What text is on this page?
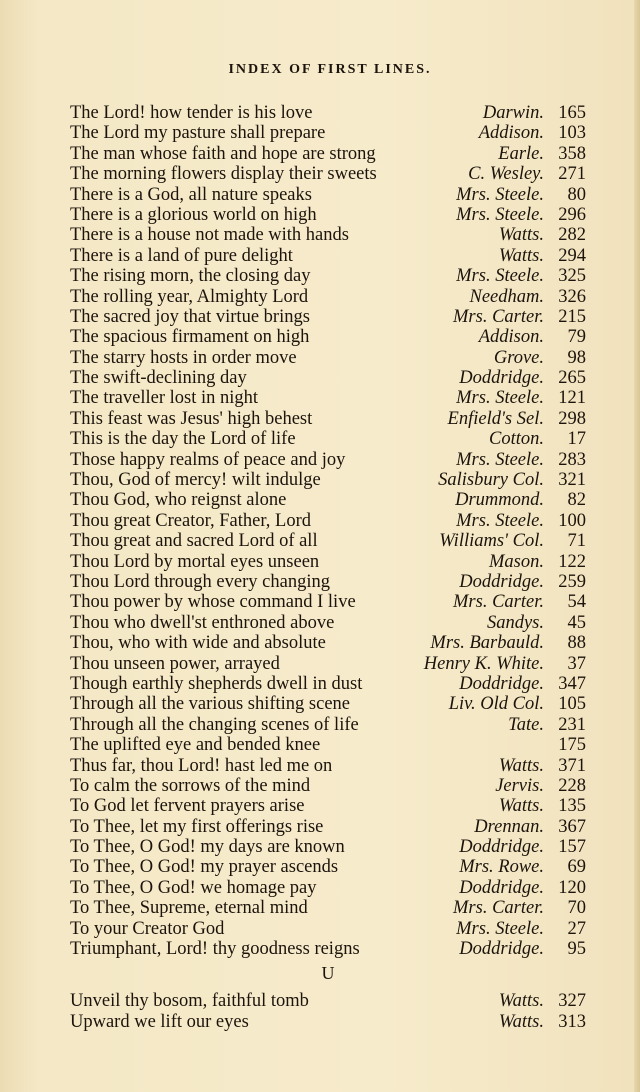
INDEX OF FIRST LINES.
The Lord! how tender is his love	Darwin. 165
The Lord my pasture shall prepare	Addison. 103
The man whose faith and hope are strong	Earle. 358
The morning flowers display their sweets	C. Wesley. 271
There is a God, all nature speaks	Mrs. Steele.	80
There is a glorious world on high	Mrs. Steele. 296
There is a house not made with hands	Watts. 282
There is a land of pure delight	Watts. 294
The rising morn, the closing day	Mrs. Steele. 325
The rolling year, Almighty Lord	Needham. 326
The sacred joy that virtue brings	Mrs. Carter. 215
The spacious firmament on high	Addison.	79
The starry hosts in order move	Grove.	98
The swift-declining day	Doddridge. 265
The traveller lost in night	Mrs. Steele. 121
This feast was Jesus' high behest	Enfield's Sel. 298
This is the day the Lord of life	Cotton.	17
Those happy realms of peace and joy	Mrs. Steele. 283
Thou, God of mercy! wilt indulge	Salisbury Col. 321
Thou God, who reignst alone	Drummond.	82
Thou great Creator, Father, Lord	Mrs. Steele. 100
Thou great and sacred Lord of all	Williams' Col.	71
Thou Lord by mortal eyes unseen	Mason. 122
Thou Lord through every changing	Doddridge. 259
Thou power by whose command I live	Mrs. Carter.	54
Thou who dwell'st enthroned above	Sandys.	45
Thou, who with wide and absolute	Mrs. Barbauld.	88
Thou unseen power, arrayed	Henry K. White.	37
Though earthly shepherds dwell in dust	Doddridge. 347
Through all the various shifting scene	Liv. Old Col. 105
Through all the changing scenes of life	Tate. 231
The uplifted eye and bended knee	175
Thus far, thou Lord! hast led me on	Watts. 371
To calm the sorrows of the mind	Jervis. 228
To God let fervent prayers arise	Watts. 135
To Thee, let my first offerings rise	Drennan. 367
To Thee, O God! my days are known	Doddridge. 157
To Thee, O God! my prayer ascends	Mrs. Rowe.	69
To Thee, O God! we homage pay	Doddridge. 120
To Thee, Supreme, eternal mind	Mrs. Carter.	70
To your Creator God	Mrs. Steele.	27
Triumphant, Lord! thy goodness reigns	Doddridge.	95
U
Unveil thy bosom, faithful tomb	Watts. 327
Upward we lift our eyes	Watts. 313
